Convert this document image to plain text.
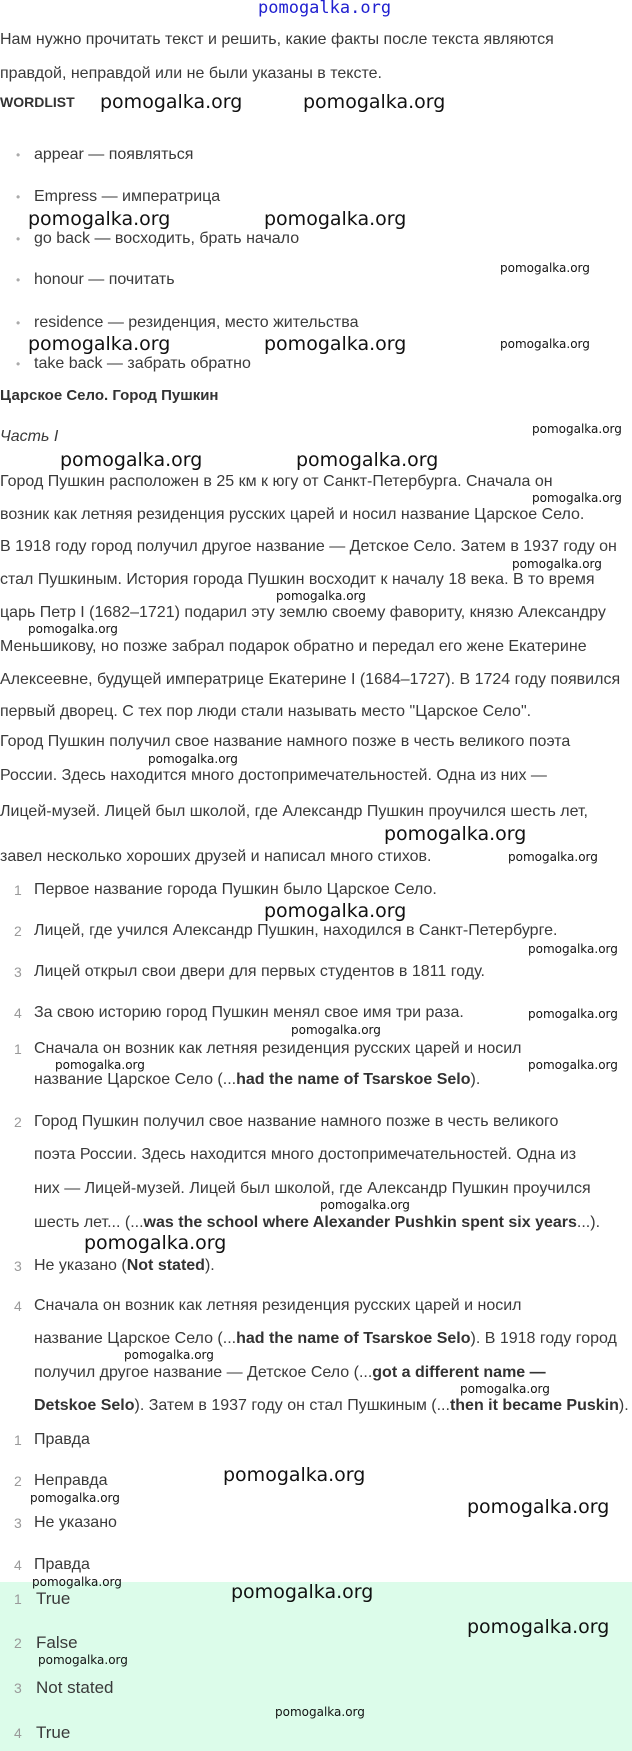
Нам нужно прочитать текст и решить, какие факты после текста являются
правдой, неправдой или не были указаны в тексте.
WORDLIST
• appear — появляться
• Empress — императрица
• go back — восходить, брать начало
• honour — почитать
• residence — резиденция, место жительства
• take back — забрать обратно
Царское Село. Город Пушкин
Часть I
Город Пушкин расположен в 25 км к югу от Санкт-Петербурга. Сначала он
возник как летняя резиденция русских царей и носил название Царское Село.
В 1918 году город получил другое название — Детское Село. Затем в 1937 году он
стал Пушкиным. История города Пушкин восходит к началу 18 века. В то время
царь Петр I (1682–1721) подарил эту землю своему фавориту, князю Александру
Меньшикову, но позже забрал подарок обратно и передал его жене Екатерине
Алексеевне, будущей императрице Екатерине I (1684–1727). В 1724 году появился
первый дворец. С тех пор люди стали называть место "Царское Село".
Город Пушкин получил свое название намного позже в честь великого поэта
России. Здесь находится много достопримечательностей. Одна из них —
Лицей-музей. Лицей был школой, где Александр Пушкин проучился шесть лет,
завел несколько хороших друзей и написал много стихов.
1 Первое название города Пушкин было Царское Село.
2 Лицей, где учился Александр Пушкин, находился в Санкт-Петербурге.
3 Лицей открыл свои двери для первых студентов в 1811 году.
4 За свою историю город Пушкин менял свое имя три раза.
1 Сначала он возник как летняя резиденция русских царей и носил
название Царское Село (...had the name of Tsarskoe Selo).
2 Город Пушкин получил свое название намного позже в честь великого
поэта России. Здесь находится много достопримечательностей. Одна из
них — Лицей-музей. Лицей был школой, где Александр Пушкин проучился
шесть лет... (...was the school where Alexander Pushkin spent six years...).
3 Не указано (Not stated).
4 Сначала он возник как летняя резиденция русских царей и носил
название Царское Село (...had the name of Tsarskoe Selo). В 1918 году город
получил другое название — Детское Село (...got a different name —
Detskoe Selo). Затем в 1937 году он стал Пушкиным (...then it became Puskin).
1 Правда
2 Неправда
3 Не указано
4 Правда
1 True
2 False
3 Not stated
4 True
pomogalka.org
pomogalka.org	pomogalka.org
pomogalka.org	pomogalka.org
pomogalka.org
pomogalka.org	pomogalka.org	pomogalka.org
pomogalka.org
pomogalka.org	pomogalka.org
pomogalka.org
pomogalka.org
pomogalka.org
pomogalka.org
pomogalka.org
pomogalka.org
pomogalka.org
pomogalka.org
pomogalka.org
pomogalka.org
pomogalka.org
pomogalka.org	pomogalka.org
pomogalka.org
pomogalka.org
pomogalka.org
pomogalka.org
pomogalka.org
pomogalka.org	pomogalka.org
pomogalka.org	pomogalka.org
pomogalka.org
pomogalka.org
pomogalka.org
